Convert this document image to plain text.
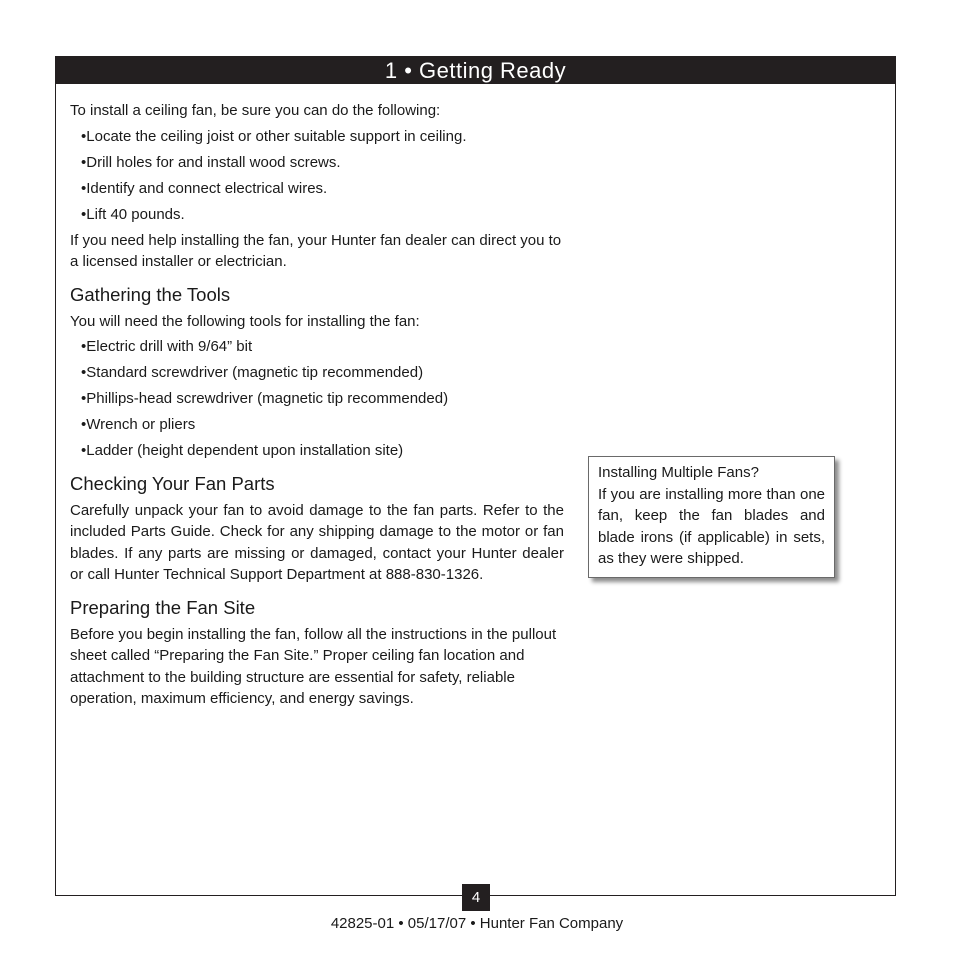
1 • Getting Ready

To install a ceiling fan, be sure you can do the following:

• Locate the ceiling joist or other suitable support in ceiling.
• Drill holes for and install wood screws.
• Identify and connect electrical wires.
• Lift 40 pounds.

If you need help installing the fan, your Hunter fan dealer can direct you to a licensed installer or electrician.

Gathering the Tools

You will need the following tools for installing the fan:

• Electric drill with 9/64” bit
• Standard screwdriver (magnetic tip recommended)
• Phillips-head screwdriver (magnetic tip recommended)
• Wrench or pliers
• Ladder (height dependent upon installation site)
Checking Your Fan Parts

Carefully unpack your fan to avoid damage to the fan parts. Refer to the included Parts Guide. Check for any shipping damage to the motor or fan blades. If any parts are missing or damaged, contact your Hunter dealer or call Hunter Technical Support Department at 888-830-1326.

Preparing the Fan Site

Before you begin installing the fan, follow all the instructions in the pullout sheet called “Preparing the Fan Site.” Proper ceiling fan location and attachment to the building structure are essential for safety, reliable operation, maximum efficiency, and energy savings.

Installing Multiple Fans?

If you are installing more than one fan, keep the fan blades and blade irons (if applicable) in sets, as they were shipped.

4
42825-01 • 05/17/07 • Hunter Fan Company
